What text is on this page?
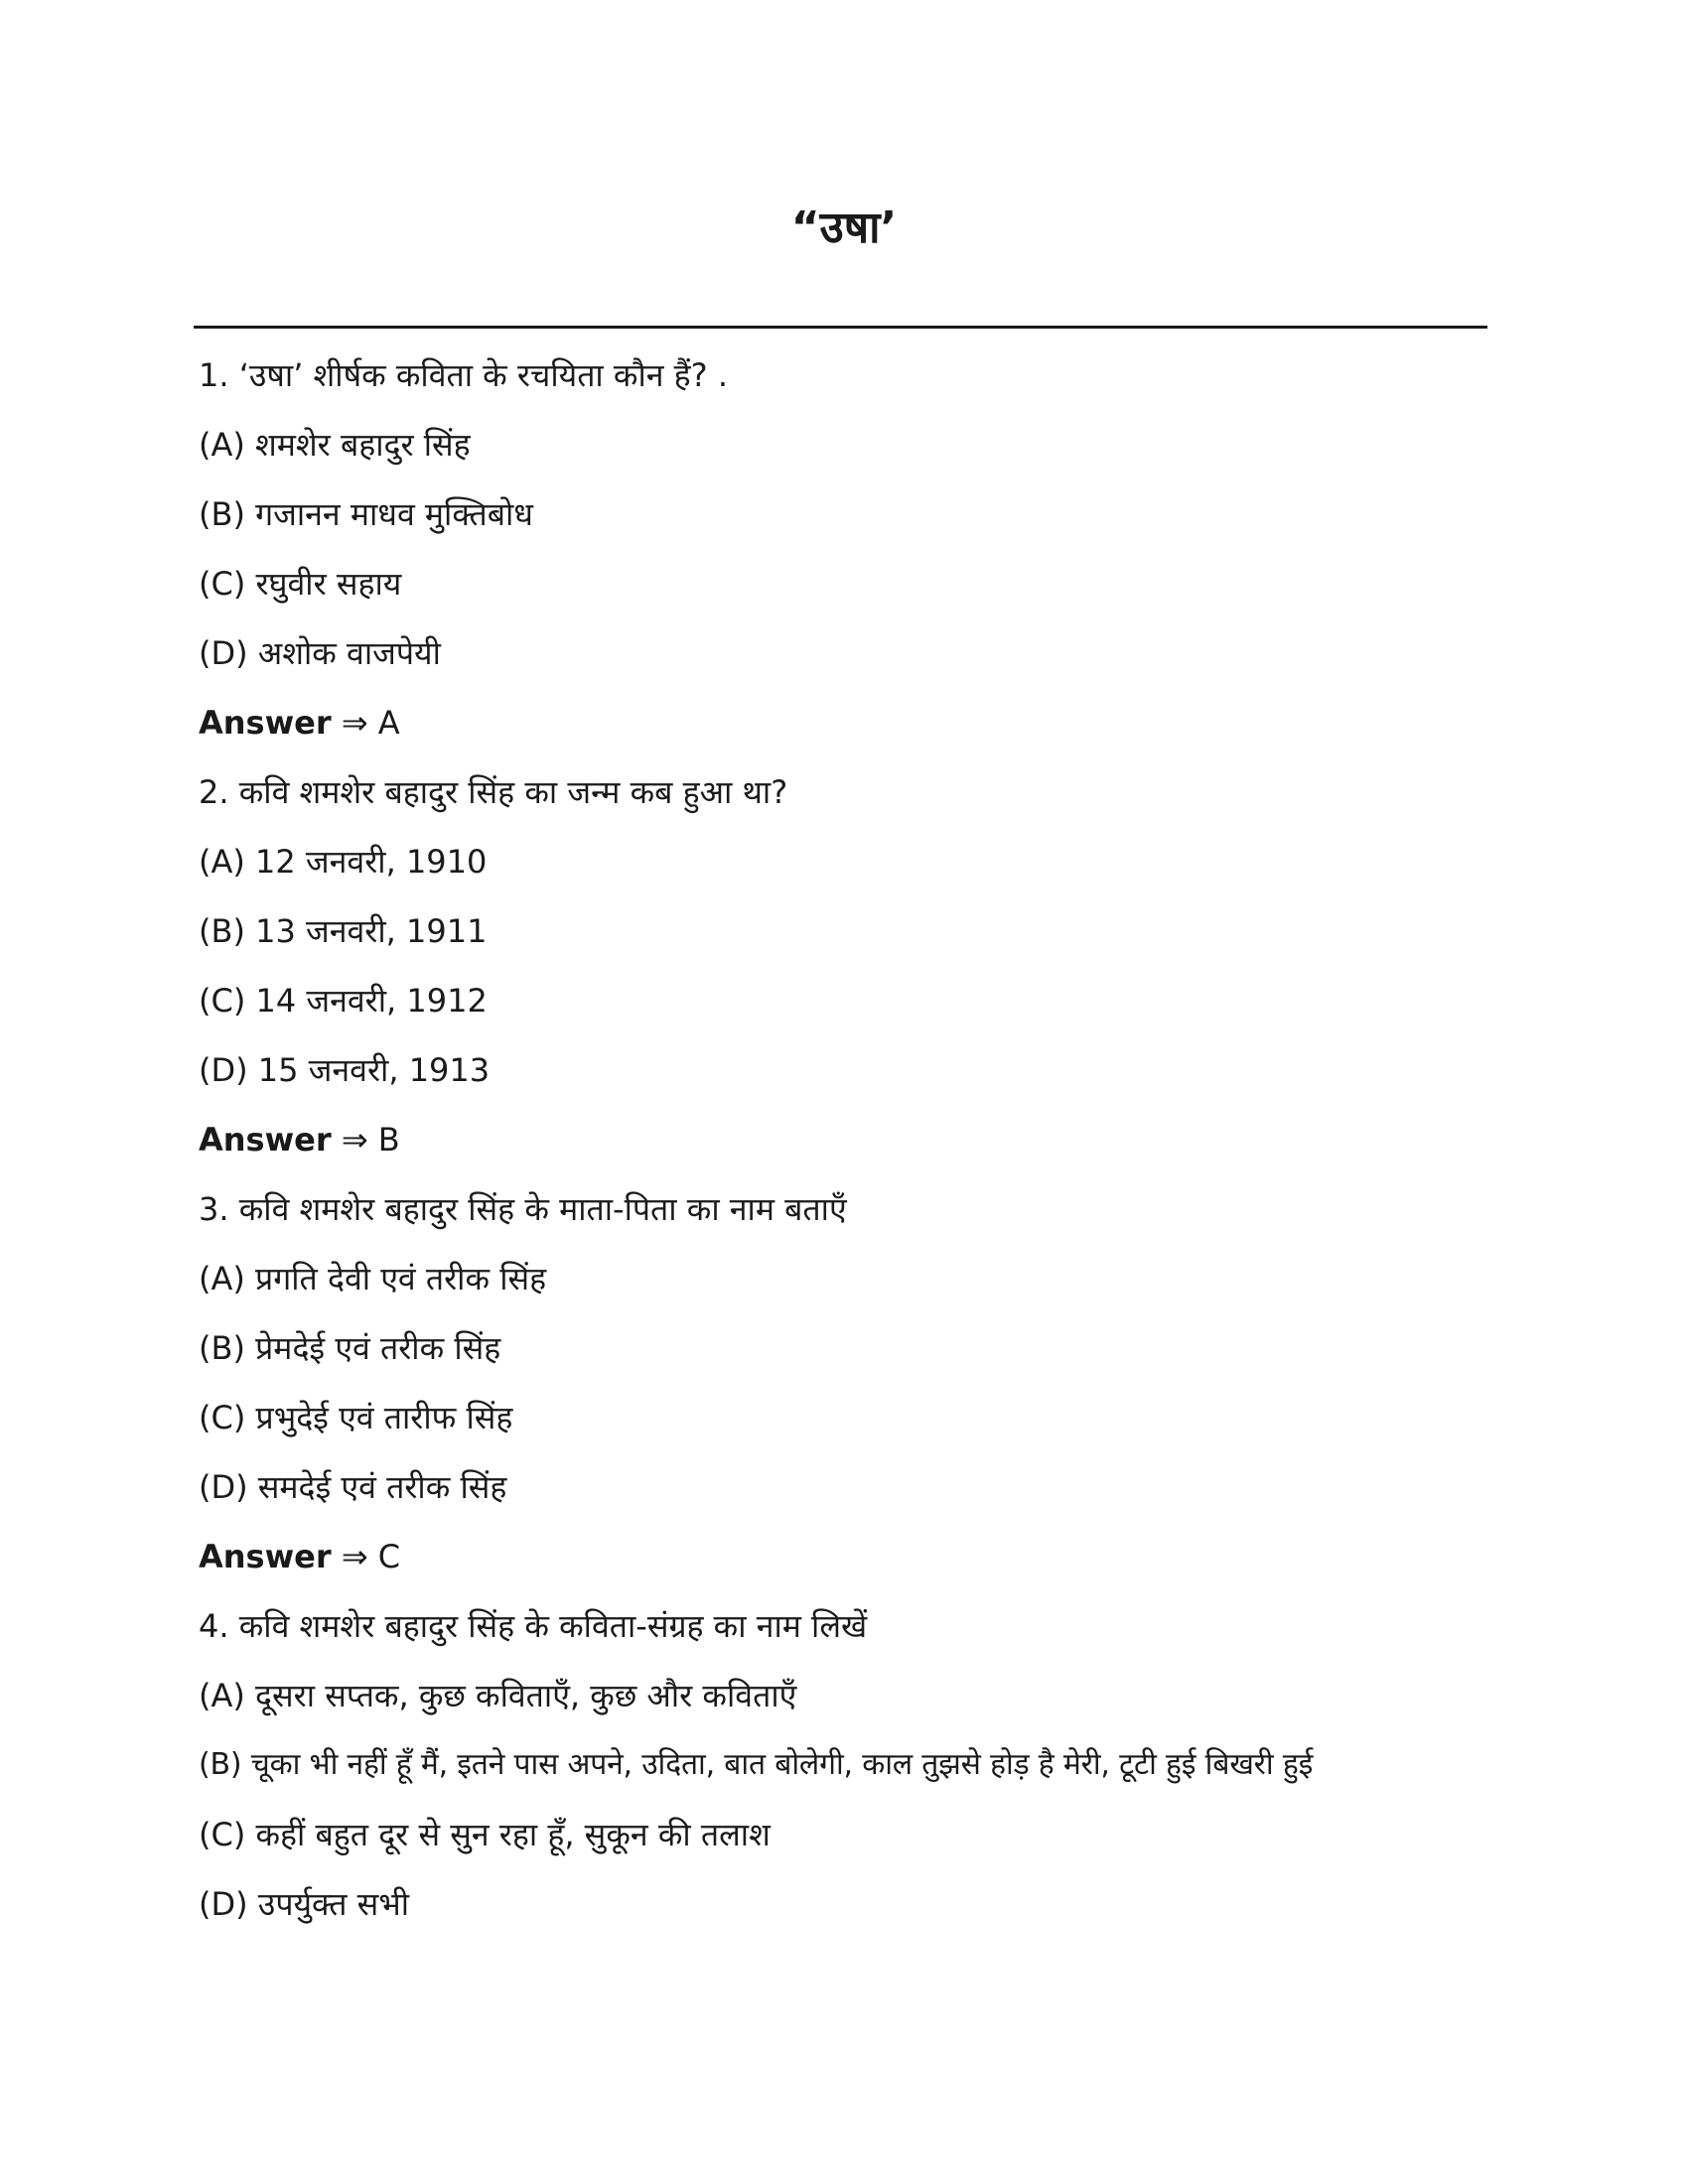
“उषा’
1. ‘उषा’ शीर्षक कविता के रचयिता कौन हैं? .
(A) शमशेर बहादुर सिंह
(B) गजानन माधव मुक्तिबोध
(C) रघुवीर सहाय
(D) अशोक वाजपेयी
Answer ⇒ A
2. कवि शमशेर बहादुर सिंह का जन्म कब हुआ था?
(A) 12 जनवरी, 1910
(B) 13 जनवरी, 1911
(C) 14 जनवरी, 1912
(D) 15 जनवरी, 1913
Answer ⇒ B
3. कवि शमशेर बहादुर सिंह के माता-पिता का नाम बताएँ
(A) प्रगति देवी एवं तरीक सिंह
(B) प्रेमदेई एवं तरीक सिंह
(C) प्रभुदेई एवं तारीफ सिंह
(D) समदेई एवं तरीक सिंह
Answer ⇒ C
4. कवि शमशेर बहादुर सिंह के कविता-संग्रह का नाम लिखें
(A) दूसरा सप्तक, कुछ कविताएँ, कुछ और कविताएँ
(B) चूका भी नहीं हूँ मैं, इतने पास अपने, उदिता, बात बोलेगी, काल तुझसे होड़ है मेरी, टूटी हुई बिखरी हुई
(C) कहीं बहुत दूर से सुन रहा हूँ, सुकून की तलाश
(D) उपर्युक्त सभी
